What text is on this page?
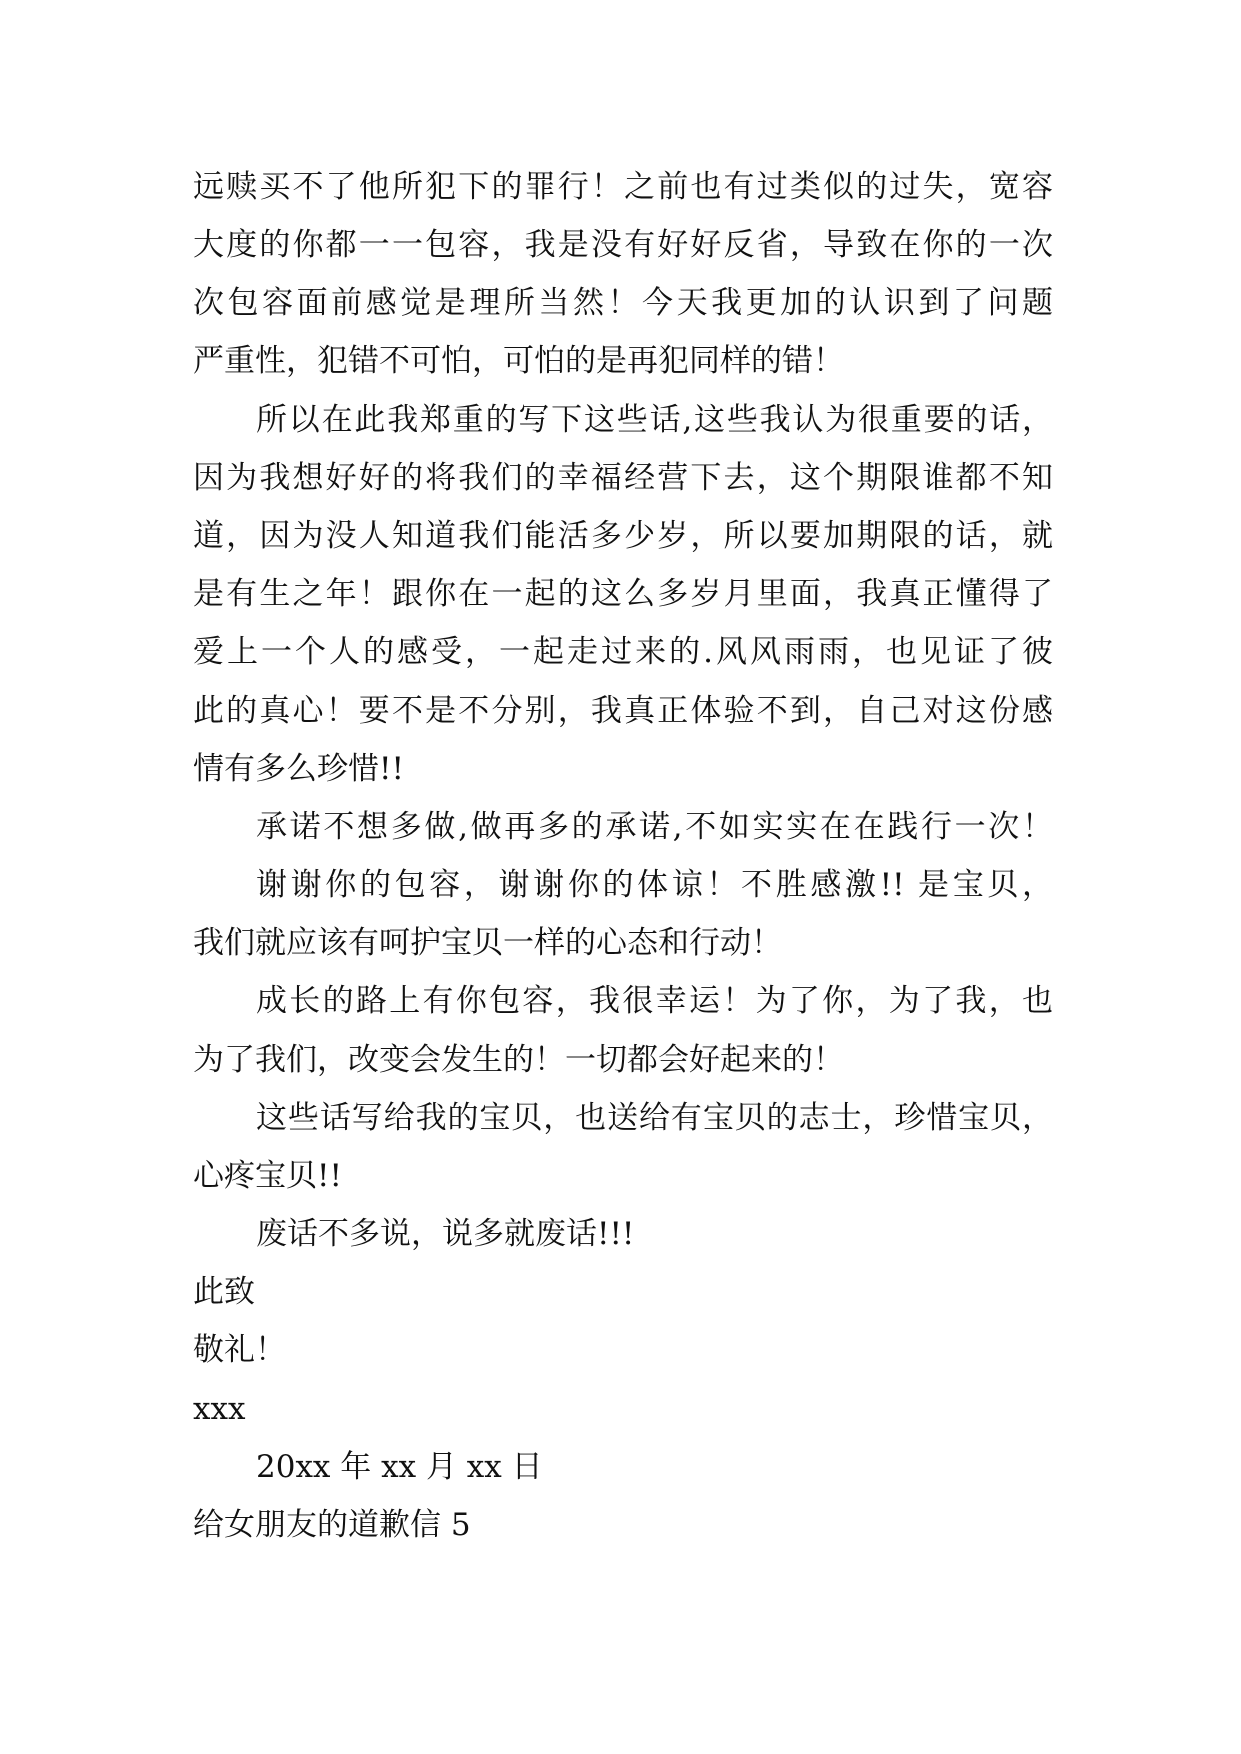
远赎买不了他所犯下的罪行！之前也有过类似的过失，宽容
大度的你都一一包容，我是没有好好反省，导致在你的一次
次包容面前感觉是理所当然！今天我更加的认识到了问题
严重性，犯错不可怕，可怕的是再犯同样的错！
所以在此我郑重的写下这些话,这些我认为很重要的话，
因为我想好好的将我们的幸福经营下去，这个期限谁都不知
道，因为没人知道我们能活多少岁，所以要加期限的话，就
是有生之年！跟你在一起的这么多岁月里面，我真正懂得了
爱上一个人的感受，一起走过来的.风风雨雨，也见证了彼
此的真心！要不是不分别，我真正体验不到，自己对这份感
情有多么珍惜!!
承诺不想多做,做再多的承诺,不如实实在在践行一次！
谢谢你的包容，谢谢你的体谅！不胜感激!! 是宝贝，
我们就应该有呵护宝贝一样的心态和行动！
成长的路上有你包容，我很幸运！为了你，为了我，也
为了我们，改变会发生的！一切都会好起来的！
这些话写给我的宝贝，也送给有宝贝的志士，珍惜宝贝，
心疼宝贝!!
废话不多说，说多就废话!!!
此致
敬礼！
xxx
20xx 年 xx 月 xx 日
给女朋友的道歉信 5
